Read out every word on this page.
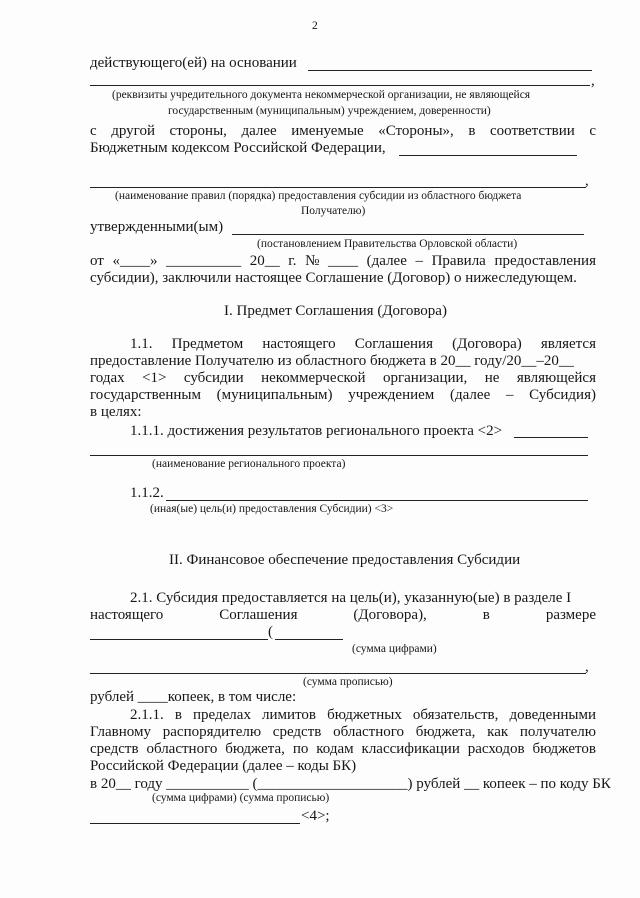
2
действующего(ей) на основании
,
(реквизиты учредительного документа некоммерческой организации, не являющейся
государственным (муниципальным) учреждением, доверенности)
с другой стороны, далее именуемые «Стороны», в соответствии с
Бюджетным кодексом Российской Федерации,
,
(наименование правил (порядка) предоставления субсидии из областного бюджета
Получателю)
утвержденными(ым)
(постановлением Правительства Орловской области)
от «____» __________ 20__ г. № ____ (далее – Правила предоставления
субсидии), заключили настоящее Соглашение (Договор) о нижеследующем.
I. Предмет Соглашения (Договора)
1.1. Предметом настоящего Соглашения (Договора) является
предоставление Получателю из областного бюджета в 20__ году/20__–20__
годах <1> субсидии некоммерческой организации, не являющейся
государственным (муниципальным) учреждением (далее – Субсидия)
в целях:
1.1.1. достижения результатов регионального проекта <2>
(наименование регионального проекта)
1.1.2.
(иная(ые) цель(и) предоставления Субсидии) <3>
II. Финансовое обеспечение предоставления Субсидии
2.1. Субсидия предоставляется на цель(и), указанную(ые) в разделе I
настоящего	Соглашения	(Договора),	в	размере
(
(сумма цифрами)
,
(сумма прописью)
рублей ____копеек, в том числе:
2.1.1. в пределах лимитов бюджетных обязательств, доведенными
Главному распорядителю средств областного бюджета, как получателю
средств областного бюджета, по кодам классификации расходов бюджетов
Российской Федерации (далее – коды БК)
в 20__ году ___________ (____________________) рублей __ копеек – по коду БК
(сумма цифрами) (сумма прописью)
<4>;
